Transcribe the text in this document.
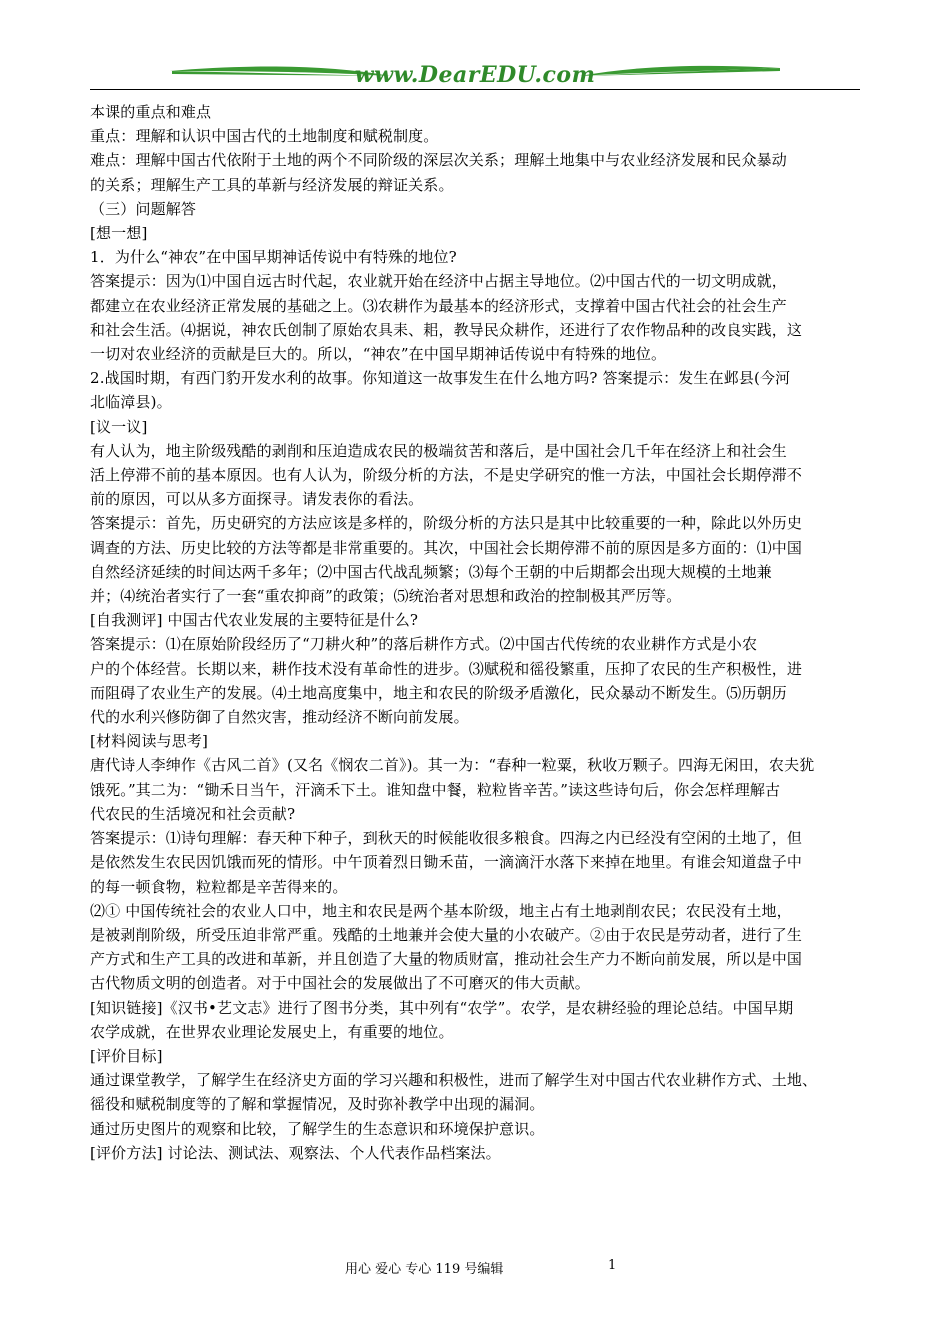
www.DearEDU.com
本课的重点和难点
重点：理解和认识中国古代的土地制度和赋税制度。
难点：理解中国古代依附于土地的两个不同阶级的深层次关系；理解土地集中与农业经济发展和民众暴动
的关系；理解生产工具的革新与经济发展的辩证关系。
（三）问题解答
[想一想]
1．为什么“神农”在中国早期神话传说中有特殊的地位?
答案提示：因为⑴中国自远古时代起，农业就开始在经济中占据主导地位。⑵中国古代的一切文明成就，
都建立在农业经济正常发展的基础之上。⑶农耕作为最基本的经济形式，支撑着中国古代社会的社会生产
和社会生活。⑷据说，神农氏创制了原始农具耒、耜，教导民众耕作，还进行了农作物品种的改良实践，这
一切对农业经济的贡献是巨大的。所以，“神农”在中国早期神话传说中有特殊的地位。
2.战国时期，有西门豹开发水利的故事。你知道这一故事发生在什么地方吗? 答案提示：发生在邺县(今河
北临漳县)。
[议一议]
有人认为，地主阶级残酷的剥削和压迫造成农民的极端贫苦和落后，是中国社会几千年在经济上和社会生
活上停滞不前的基本原因。也有人认为，阶级分析的方法，不是史学研究的惟一方法，中国社会长期停滞不
前的原因，可以从多方面探寻。请发表你的看法。
答案提示：首先，历史研究的方法应该是多样的，阶级分析的方法只是其中比较重要的一种，除此以外历史
调查的方法、历史比较的方法等都是非常重要的。其次，中国社会长期停滞不前的原因是多方面的：⑴中国
自然经济延续的时间达两千多年；⑵中国古代战乱频繁；⑶每个王朝的中后期都会出现大规模的土地兼
并；⑷统治者实行了一套“重农抑商”的政策；⑸统治者对思想和政治的控制极其严厉等。
[自我测评] 中国古代农业发展的主要特征是什么?
答案提示：⑴在原始阶段经历了“刀耕火种”的落后耕作方式。⑵中国古代传统的农业耕作方式是小农
户的个体经营。长期以来，耕作技术没有革命性的进步。⑶赋税和徭役繁重，压抑了农民的生产积极性，进
而阻碍了农业生产的发展。⑷土地高度集中，地主和农民的阶级矛盾激化，民众暴动不断发生。⑸历朝历
代的水利兴修防御了自然灾害，推动经济不断向前发展。
[材料阅读与思考]
唐代诗人李绅作《古风二首》(又名《悯农二首》)。其一为：“春种一粒粟，秋收万颗子。四海无闲田，农夫犹
饿死。”其二为：“锄禾日当午，汗滴禾下土。谁知盘中餐，粒粒皆辛苦。”读这些诗句后，你会怎样理解古
代农民的生活境况和社会贡献?
答案提示：⑴诗句理解：春天种下种子，到秋天的时候能收很多粮食。四海之内已经没有空闲的土地了，但
是依然发生农民因饥饿而死的情形。中午顶着烈日锄禾苗，一滴滴汗水落下来掉在地里。有谁会知道盘子中
的每一顿食物，粒粒都是辛苦得来的。
⑵① 中国传统社会的农业人口中，地主和农民是两个基本阶级，地主占有土地剥削农民；农民没有土地，
是被剥削阶级，所受压迫非常严重。残酷的土地兼并会使大量的小农破产。②由于农民是劳动者，进行了生
产方式和生产工具的改进和革新，并且创造了大量的物质财富，推动社会生产力不断向前发展，所以是中国
古代物质文明的创造者。对于中国社会的发展做出了不可磨灭的伟大贡献。
[知识链接]《汉书•艺文志》进行了图书分类，其中列有“农学”。农学，是农耕经验的理论总结。中国早期
农学成就，在世界农业理论发展史上，有重要的地位。
[评价目标]
通过课堂教学，了解学生在经济史方面的学习兴趣和积极性，进而了解学生对中国古代农业耕作方式、土地、
徭役和赋税制度等的了解和掌握情况，及时弥补教学中出现的漏洞。
通过历史图片的观察和比较，了解学生的生态意识和环境保护意识。
[评价方法] 讨论法、测试法、观察法、个人代表作品档案法。
用心 爱心 专心 119 号编辑	1
